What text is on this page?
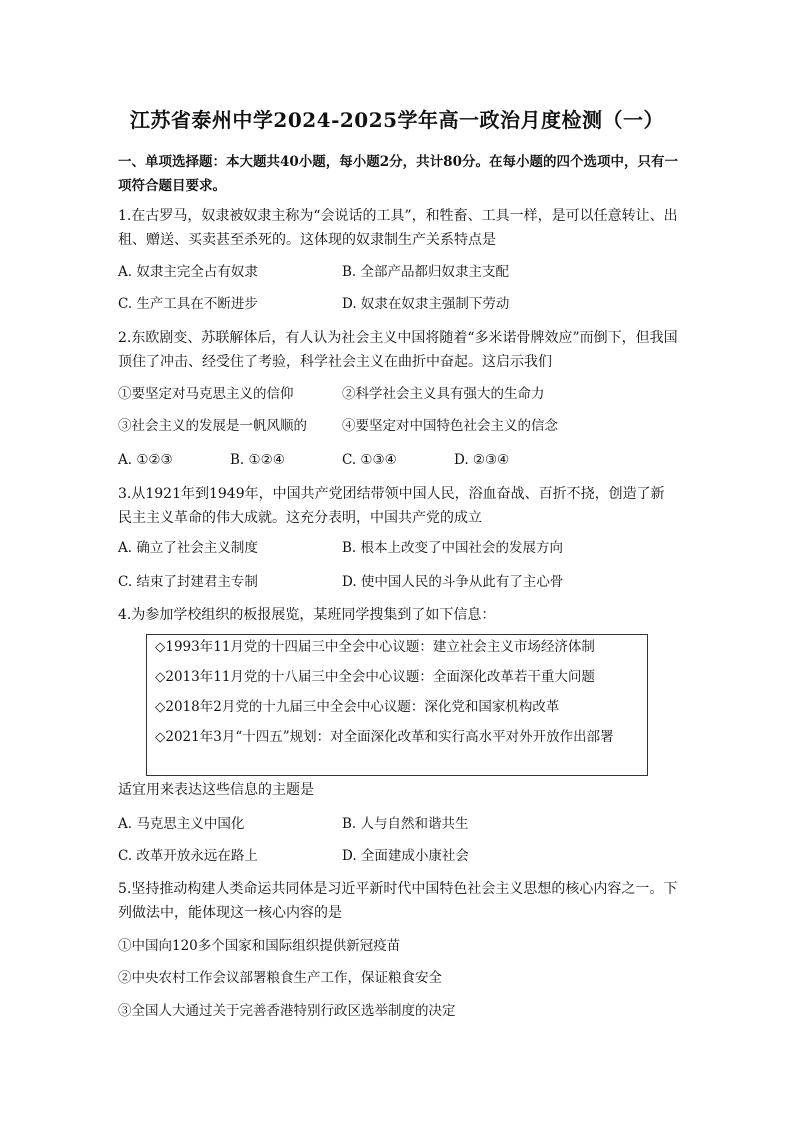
江苏省泰州中学2024-2025学年高一政治月度检测（一）
一、单项选择题：本大题共40小题，每小题2分，共计80分。在每小题的四个选项中，只有一项符合题目要求。
1.在古罗马，奴隶被奴隶主称为“会说话的工具”，和牲畜、工具一样，是可以任意转让、出租、赠送、买卖甚至杀死的。这体现的奴隶制生产关系特点是
A. 奴隶主完全占有奴隶	B. 全部产品都归奴隶主支配
C. 生产工具在不断进步	D. 奴隶在奴隶主强制下劳动
2.东欧剧变、苏联解体后，有人认为社会主义中国将随着“多米诺骨牌效应”而倒下，但我国顶住了冲击、经受住了考验，科学社会主义在曲折中奋起。这启示我们
①要坚定对马克思主义的信仰	②科学社会主义具有强大的生命力
③社会主义的发展是一帆风顺的	④要坚定对中国特色社会主义的信念
A. ①②③	B. ①②④	C. ①③④	D. ②③④
3.从1921年到1949年，中国共产党团结带领中国人民，浴血奋战、百折不挠，创造了新民主主义革命的伟大成就。这充分表明，中国共产党的成立
A. 确立了社会主义制度	B. 根本上改变了中国社会的发展方向
C. 结束了封建君主专制	D. 使中国人民的斗争从此有了主心骨
4.为参加学校组织的板报展览，某班同学搜集到了如下信息：
◇1993年11月党的十四届三中全会中心议题：建立社会主义市场经济体制
◇2013年11月党的十八届三中全会中心议题：全面深化改革若干重大问题
◇2018年2月党的十九届三中全会中心议题：深化党和国家机构改革
◇2021年3月“十四五”规划：对全面深化改革和实行高水平对外开放作出部署
适宜用来表达这些信息的主题是
A. 马克思主义中国化	B. 人与自然和谐共生
C. 改革开放永远在路上	D. 全面建成小康社会
5.坚持推动构建人类命运共同体是习近平新时代中国特色社会主义思想的核心内容之一。下列做法中，能体现这一核心内容的是
①中国向120多个国家和国际组织提供新冠疫苗
②中央农村工作会议部署粮食生产工作，保证粮食安全
③全国人大通过关于完善香港特别行政区选举制度的决定
